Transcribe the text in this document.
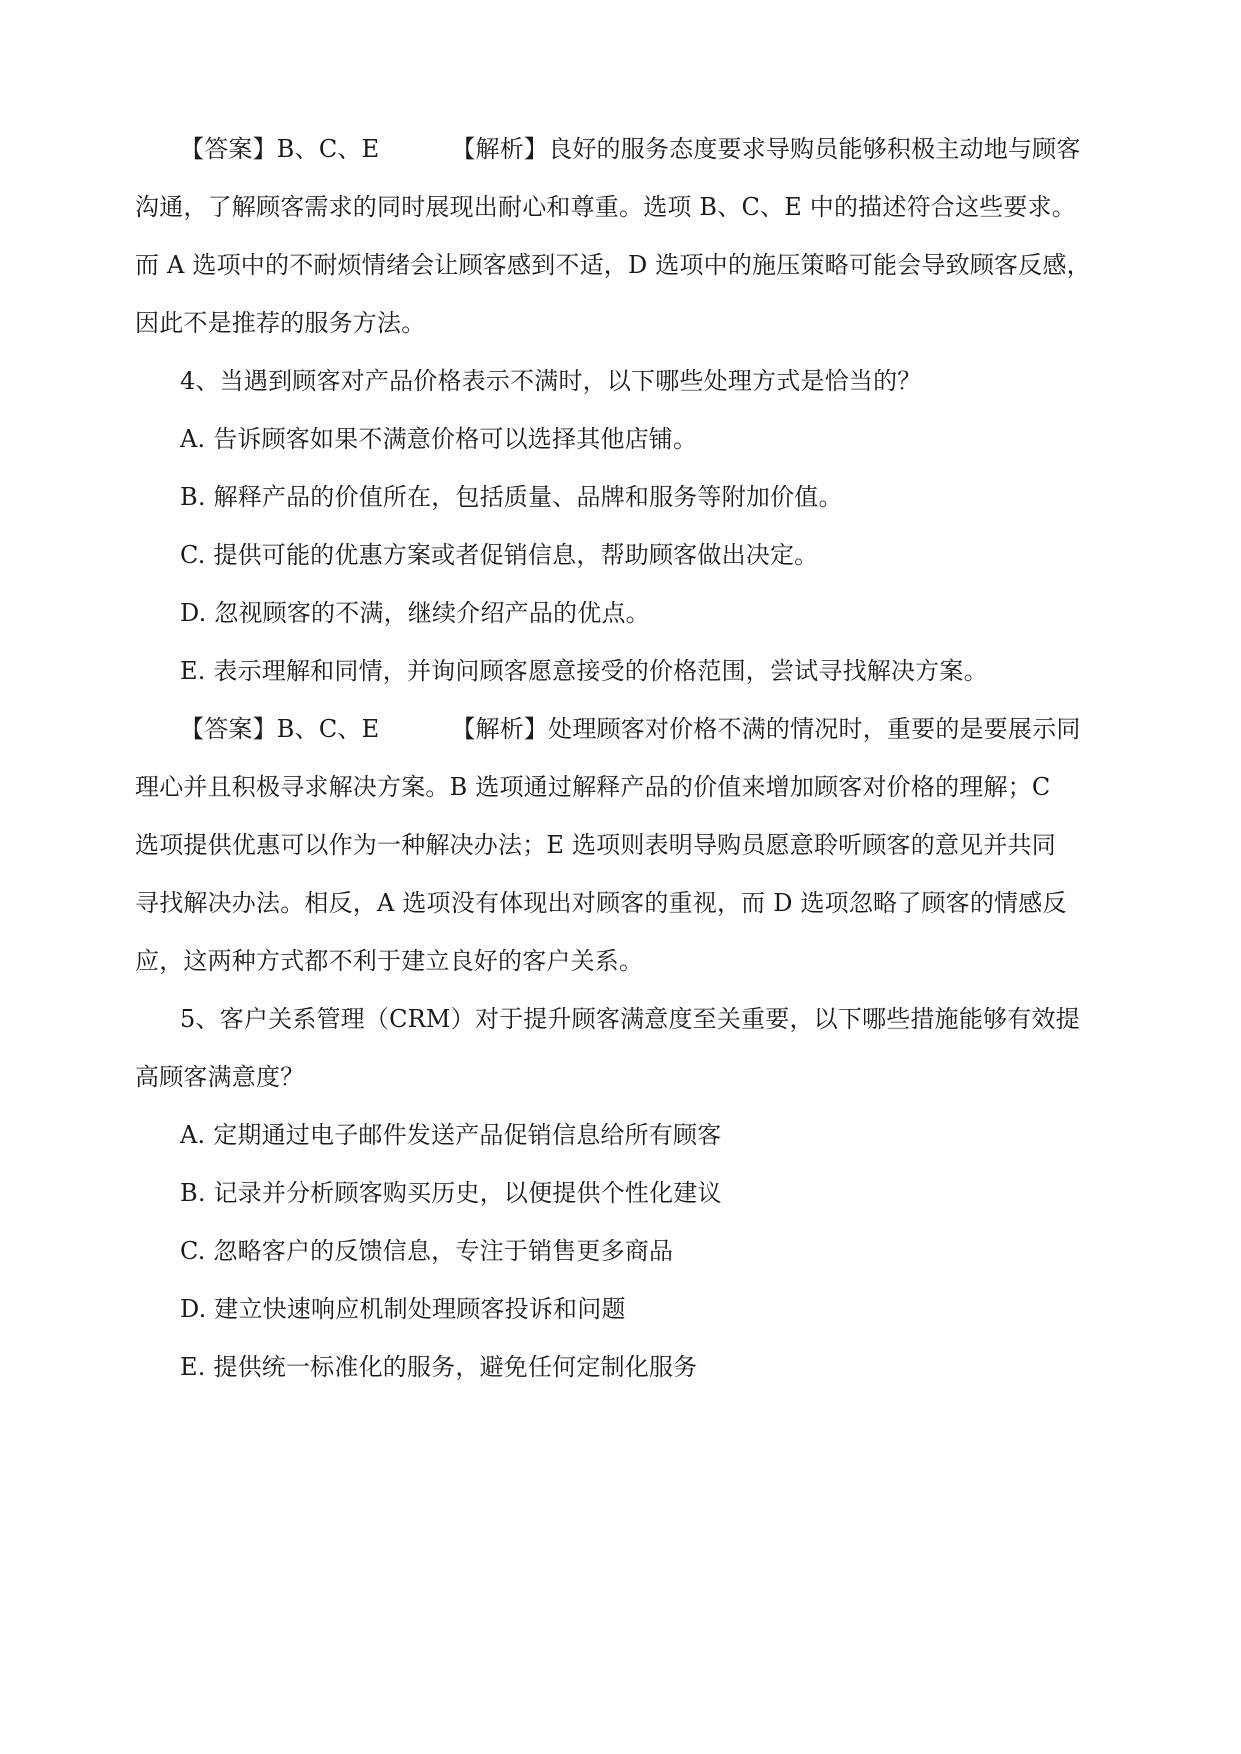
【答案】B、C、E	【解析】良好的服务态度要求导购员能够积极主动地与顾客
沟通，了解顾客需求的同时展现出耐心和尊重。选项 B、C、E 中的描述符合这些要求。
而 A 选项中的不耐烦情绪会让顾客感到不适，D 选项中的施压策略可能会导致顾客反感，
因此不是推荐的服务方法。
4、当遇到顾客对产品价格表示不满时，以下哪些处理方式是恰当的？
A. 告诉顾客如果不满意价格可以选择其他店铺。
B. 解释产品的价值所在，包括质量、品牌和服务等附加价值。
C. 提供可能的优惠方案或者促销信息，帮助顾客做出决定。
D. 忽视顾客的不满，继续介绍产品的优点。
E. 表示理解和同情，并询问顾客愿意接受的价格范围，尝试寻找解决方案。
【答案】B、C、E	【解析】处理顾客对价格不满的情况时，重要的是要展示同
理心并且积极寻求解决方案。B 选项通过解释产品的价值来增加顾客对价格的理解；C
选项提供优惠可以作为一种解决办法；E 选项则表明导购员愿意聆听顾客的意见并共同
寻找解决办法。相反，A 选项没有体现出对顾客的重视，而 D 选项忽略了顾客的情感反
应，这两种方式都不利于建立良好的客户关系。
5、客户关系管理（CRM）对于提升顾客满意度至关重要，以下哪些措施能够有效提
高顾客满意度？
A. 定期通过电子邮件发送产品促销信息给所有顾客
B. 记录并分析顾客购买历史，以便提供个性化建议
C. 忽略客户的反馈信息，专注于销售更多商品
D. 建立快速响应机制处理顾客投诉和问题
E. 提供统一标准化的服务，避免任何定制化服务
